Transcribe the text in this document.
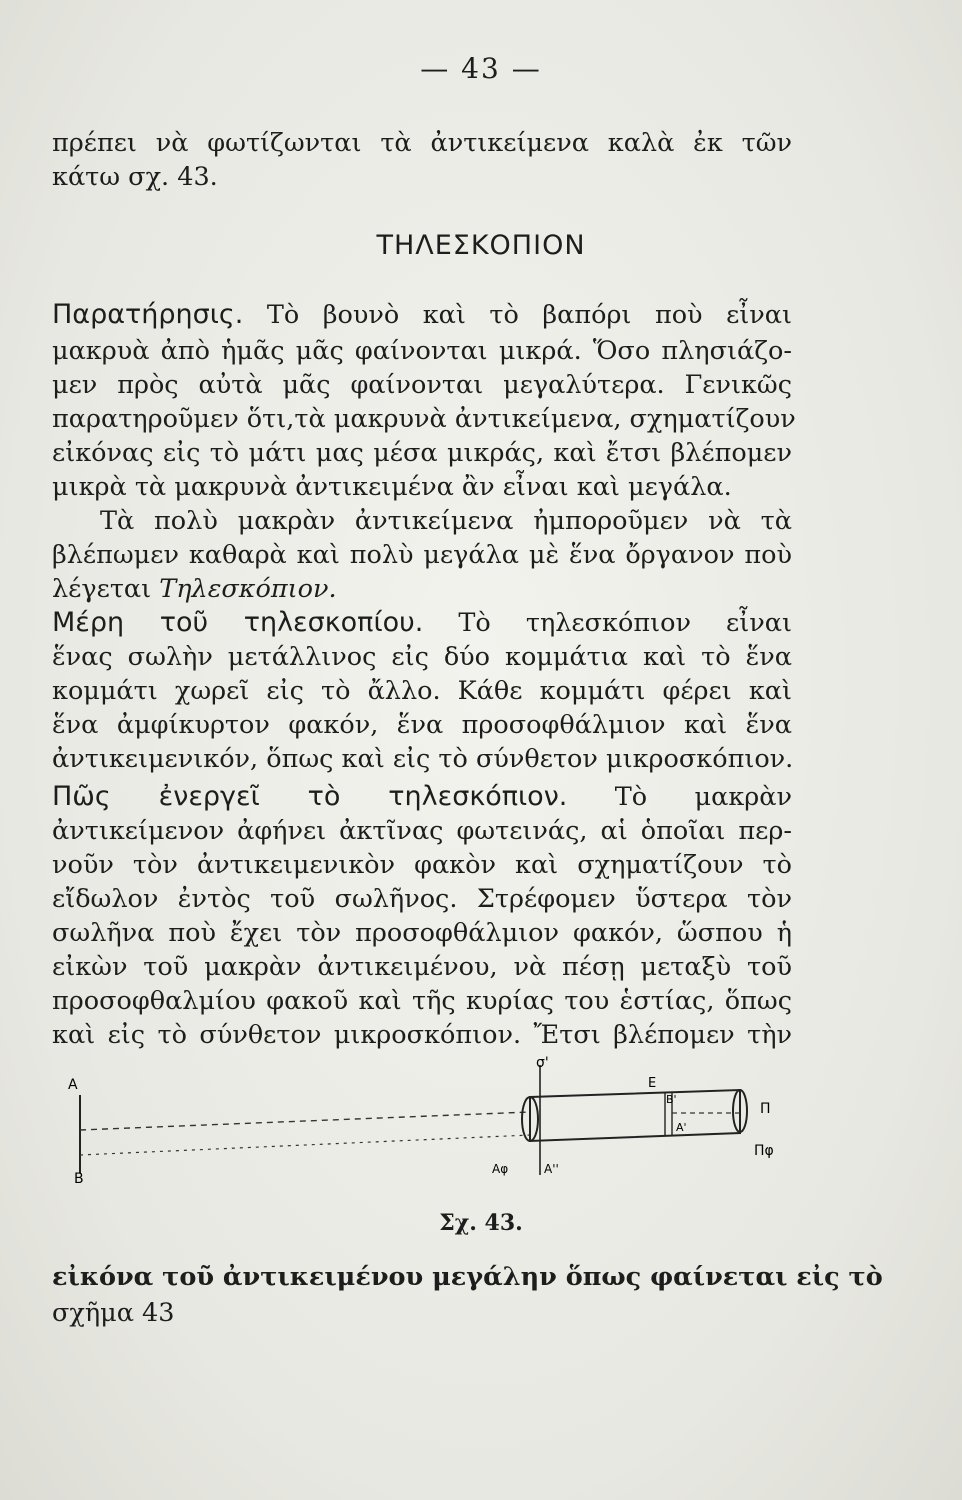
— 43 —
πρέπει νὰ φωτίζωνται τὰ ἀντικείμενα καλὰ ἐκ τῶν
κάτω σχ. 43.
ΤΗΛΕΣΚΟΠΙΟΝ
Παρατήρησις. Τὸ βουνὸ καὶ τὸ βαπόρι ποὺ εἶναι
μακρυὰ ἀπὸ ἡμᾶς μᾶς φαίνονται μικρά. Ὅσο πλησιάζο-
μεν πρὸς αὐτὰ μᾶς φαίνονται μεγαλύτερα. Γενικῶς
παρατηροῦμεν ὅτι,τὰ μακρυνὰ ἀντικείμενα, σχηματίζουν
εἰκόνας εἰς τὸ μάτι μας μέσα μικράς, καὶ ἔτσι βλέπομεν
μικρὰ τὰ μακρυνὰ ἀντικειμένα ἂν εἶναι καὶ μεγάλα.
Τὰ πολὺ μακρὰν ἀντικείμενα ἠμποροῦμεν νὰ τὰ
βλέπωμεν καθαρὰ καὶ πολὺ μεγάλα μὲ ἕνα ὄργανον ποὺ
λέγεται Τηλεσκόπιον.
Μέρη τοῦ τηλεσκοπίου. Τὸ τηλεσκόπιον εἶναι
ἕνας σωλὴν μετάλλινος εἰς δύο κομμάτια καὶ τὸ ἕνα
κομμάτι χωρεῖ εἰς τὸ ἄλλο. Κάθε κομμάτι φέρει καὶ
ἕνα ἀμφίκυρτον φακόν, ἕνα προσοφθάλμιον καὶ ἕνα
ἀντικειμενικόν, ὅπως καὶ εἰς τὸ σύνθετον μικροσκόπιον.
Πῶς ἐνεργεῖ τὸ τηλεσκόπιον. Τὸ μακρὰν
ἀντικείμενον ἀφήνει ἀκτῖνας φωτεινάς, αἱ ὁποῖαι περ-
νοῦν τὸν ἀντικειμενικὸν φακὸν καὶ σχηματίζουν τὸ
εἴδωλον ἐντὸς τοῦ σωλῆνος. Στρέφομεν ὕστερα τὸν
σωλῆνα ποὺ ἔχει τὸν προσοφθάλμιον φακόν, ὥσπου ἡ
εἰκὼν τοῦ μακρὰν ἀντικειμένου, νὰ πέσῃ μεταξὺ τοῦ
προσοφθαλμίου φακοῦ καὶ τῆς κυρίας του ἑστίας, ὅπως
καὶ εἰς τὸ σύνθετον μικροσκόπιον. Ἔτσι βλέπομεν τὴν
Α
Β
σ'
Ε
Β'
Α'
Αφ	Α''
Π
Πφ
Σχ. 43.
εἰκόνα τοῦ ἀντικειμένου μεγάλην ὅπως φαίνεται εἰς τὸ
σχῆμα 43
